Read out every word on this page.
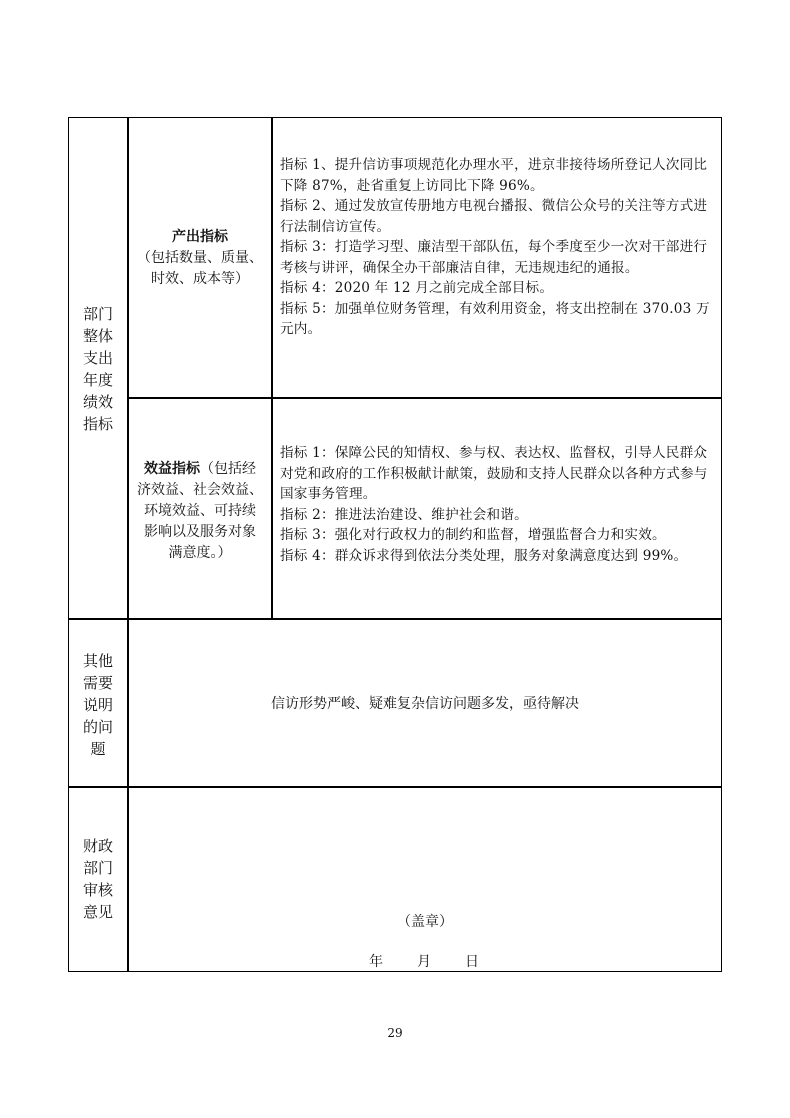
部门
整体
支出
年度
绩效
指标
产出指标
（包括数量、质量、
时效、成本等）

指标 1、提升信访事项规范化办理水平，进京非接待场所登记人次同比下降 87%，赴省重复上访同比下降 96%。

指标 2、通过发放宣传册地方电视台播报、微信公众号的关注等方式进行法制信访宣传。

指标 3：打造学习型、廉洁型干部队伍，每个季度至少一次对干部进行考核与讲评，确保全办干部廉洁自律，无违规违纪的通报。

指标 4：2020 年 12 月之前完成全部目标。

指标 5：加强单位财务管理，有效利用资金，将支出控制在 370.03 万元内。

效益指标（包括经
济效益、社会效益、
环境效益、可持续
影响以及服务对象
满意度。）

指标 1：保障公民的知情权、参与权、表达权、监督权，引导人民群众对党和政府的工作积极献计献策，鼓励和支持人民群众以各种方式参与国家事务管理。

指标 2：推进法治建设、维护社会和谐。

指标 3：强化对行政权力的制约和监督，增强监督合力和实效。

指标 4：群众诉求得到依法分类处理，服务对象满意度达到 99%。

其他
需要
说明
的问
题
信访形势严峻、疑难复杂信访问题多发，亟待解决
财政
部门
审核
意见
（盖章）
年　　月　　日
29
